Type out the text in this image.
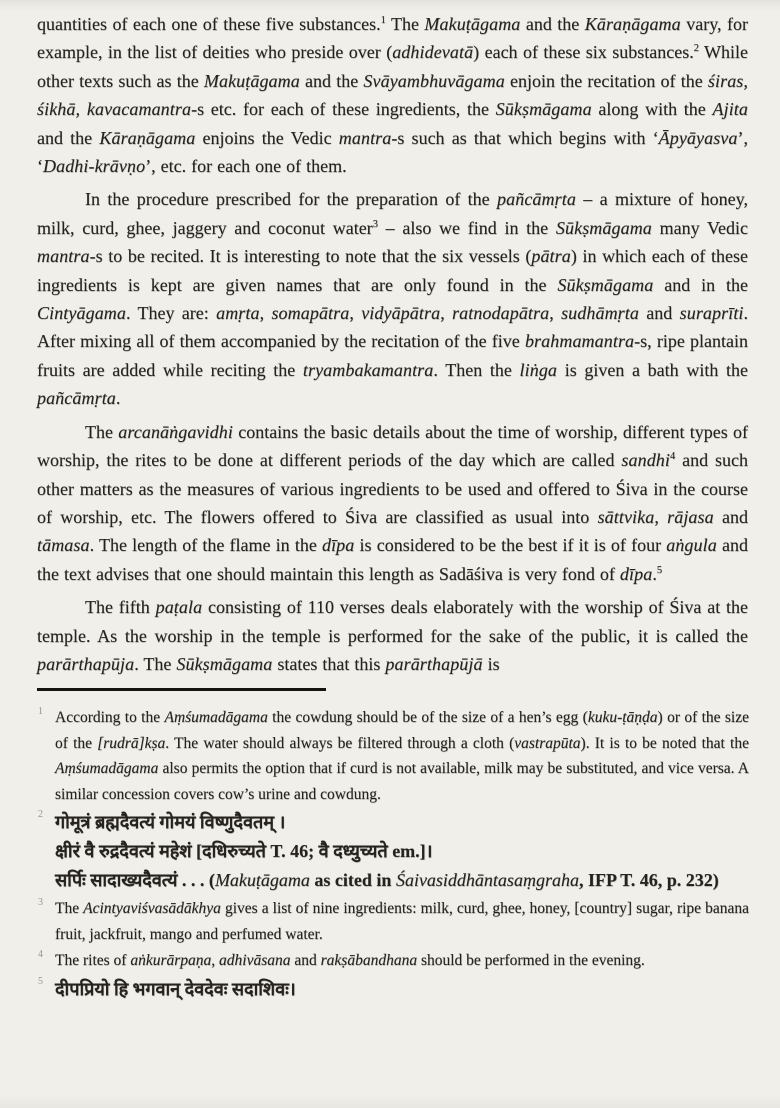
quantities of each one of these five substances.$^1$ The Makuṭāgama and the Kāraṇāgama vary, for example, in the list of deities who preside over (adhidevatā) each of these six substances.$^2$ While other texts such as the Makuṭāgama and the Svāyambhuvāgama enjoin the recitation of the śiras, śikhā, kavacamantra-s etc. for each of these ingredients, the Sūkṣmāgama along with the Ajita and the Kāraṇāgama enjoins the Vedic mantra-s such as that which begins with ‘Āpyāyasva’, ‘Dadhi-krāvṇo’, etc. for each one of them.

In the procedure prescribed for the preparation of the pañcāmṛta – a mixture of honey, milk, curd, ghee, jaggery and coconut water$^3$ – also we find in the Sūkṣmāgama many Vedic mantra-s to be recited. It is interesting to note that the six vessels (pātra) in which each of these ingredients is kept are given names that are only found in the Sūkṣmāgama and in the Cintyāgama. They are: amṛta, somapātra, vidyāpātra, ratnodapātra, sudhāmṛta and suraprīti. After mixing all of them accompanied by the recitation of the five brahmamantra-s, ripe plantain fruits are added while reciting the tryambakamantra. Then the liṅga is given a bath with the pañcāmṛta.

The arcanāṅgavidhi contains the basic details about the time of worship, different types of worship, the rites to be done at different periods of the day which are called sandhi$^4$ and such other matters as the measures of various ingredients to be used and offered to Śiva in the course of worship, etc. The flowers offered to Śiva are classified as usual into sāttvika, rājasa and tāmasa. The length of the flame in the dīpa is considered to be the best if it is of four aṅgula and the text advises that one should maintain this length as Sadāśiva is very fond of dīpa.$^5$

The fifth paṭala consisting of 110 verses deals elaborately with the worship of Śiva at the temple. As the worship in the temple is performed for the sake of the public, it is called the parārthapūja. The Sūkṣmāgama states that this parārthapūjā is

1 According to the Aṃśumadāgama the cowdung should be of the size of a hen’s egg (kuku-ṭāṇḍa) or of the size of the [rudrā]kṣa. The water should always be filtered through a cloth (vastrapūta). It is to be noted that the Aṃśumadāgama also permits the option that if curd is not available, milk may be substituted, and vice versa. A similar concession covers cow’s urine and cowdung.
2 गोमूत्रं ब्रह्मदैवत्यं गोमयं विष्णुदैवतम् ।
क्षीरं वै रुद्रदैवत्यं महेशं [दधिरुच्यते T. 46; वै दध्युच्यते em.]।
सर्पिः सादाख्यदैवत्यं . . . (Makuṭāgama as cited in Śaivasiddhāntasaṃgraha, IFP T. 46, p. 232)
3 The Acintyaviśvasādākhya gives a list of nine ingredients: milk, curd, ghee, honey, [country] sugar, ripe banana fruit, jackfruit, mango and perfumed water.
4 The rites of aṅkurārpaṇa, adhivāsana and rakṣābandhana should be performed in the evening.
5 दीपप्रियो हि भगवान् देवदेवः सदाशिवः।
